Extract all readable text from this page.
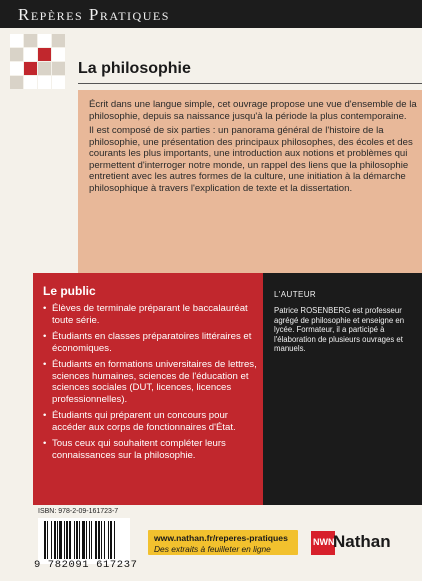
Repères Pratiques
La philosophie

Écrit dans une langue simple, cet ouvrage propose une vue d'ensemble de la philosophie, depuis sa naissance jusqu'à la période la plus contemporaine.

Il est composé de six parties : un panorama général de l'histoire de la philosophie, une présentation des principaux philosophes, des écoles et des courants les plus importants, une introduction aux notions et problèmes qui permettent d'interroger notre monde, un rappel des liens que la philosophie entretient avec les autres formes de la culture, une initiation à la démarche philosophique à travers l'explication de texte et la dissertation.

Le public
• Élèves de terminale préparant le baccalauréat toute série.
• Étudiants en classes préparatoires littéraires et économiques.
• Étudiants en formations universitaires de lettres, sciences humaines, sciences de l'éducation et sciences sociales (DUT, licences, licences professionnelles).
• Étudiants qui préparent un concours pour accéder aux corps de fonctionnaires d'État.
• Tous ceux qui souhaitent compléter leurs connaissances sur la philosophie.
L'AUTEUR

Patrice ROSENBERG est professeur agrégé de philosophie et enseigne en lycée. Formateur, il a participé à l'élaboration de plusieurs ouvrages et manuels.

ISBN: 978-2-09-161723-7
9 782091 617237
www.nathan.fr/reperes-pratiques
Des extraits à feuilleter en ligne
NWN
Nathan
